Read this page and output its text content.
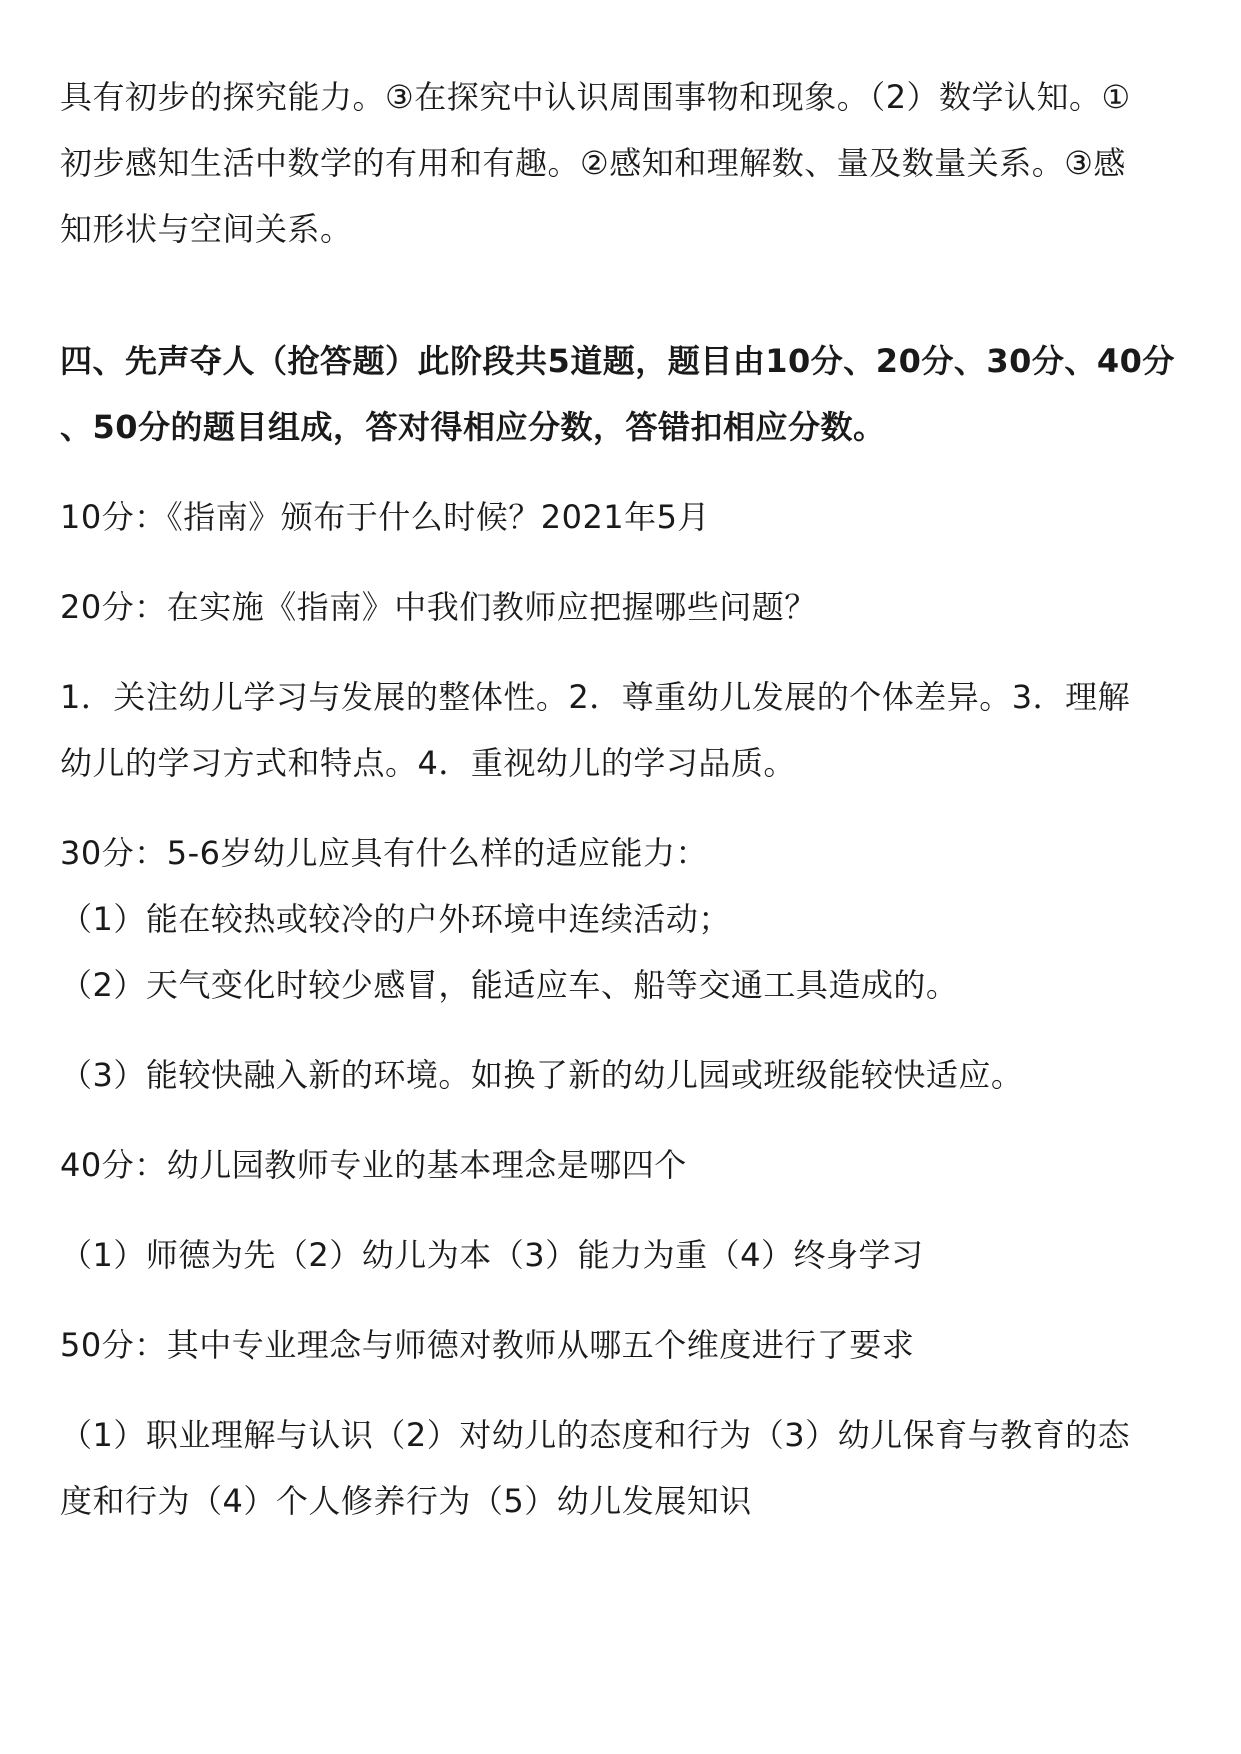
具有初步的探究能力。③在探究中认识周围事物和现象。（2）数学认知。①
初步感知生活中数学的有用和有趣。②感知和理解数、量及数量关系。③感
知形状与空间关系。

四、先声夺人（抢答题）此阶段共5道题，题目由10分、20分、30分、40分
、50分的题目组成，答对得相应分数，答错扣相应分数。

10分：《指南》颁布于什么时候？2021年5月

20分：在实施《指南》中我们教师应把握哪些问题？

1．关注幼儿学习与发展的整体性。2．尊重幼儿发展的个体差异。3．理解
幼儿的学习方式和特点。4．重视幼儿的学习品质。

30分：5-6岁幼儿应具有什么样的适应能力：
（1）能在较热或较冷的户外环境中连续活动；
（2）天气变化时较少感冒，能适应车、船等交通工具造成的。

（3）能较快融入新的环境。如换了新的幼儿园或班级能较快适应。

40分：幼儿园教师专业的基本理念是哪四个

（1）师德为先（2）幼儿为本（3）能力为重（4）终身学习

50分：其中专业理念与师德对教师从哪五个维度进行了要求

（1）职业理解与认识（2）对幼儿的态度和行为（3）幼儿保育与教育的态
度和行为（4）个人修养行为（5）幼儿发展知识
